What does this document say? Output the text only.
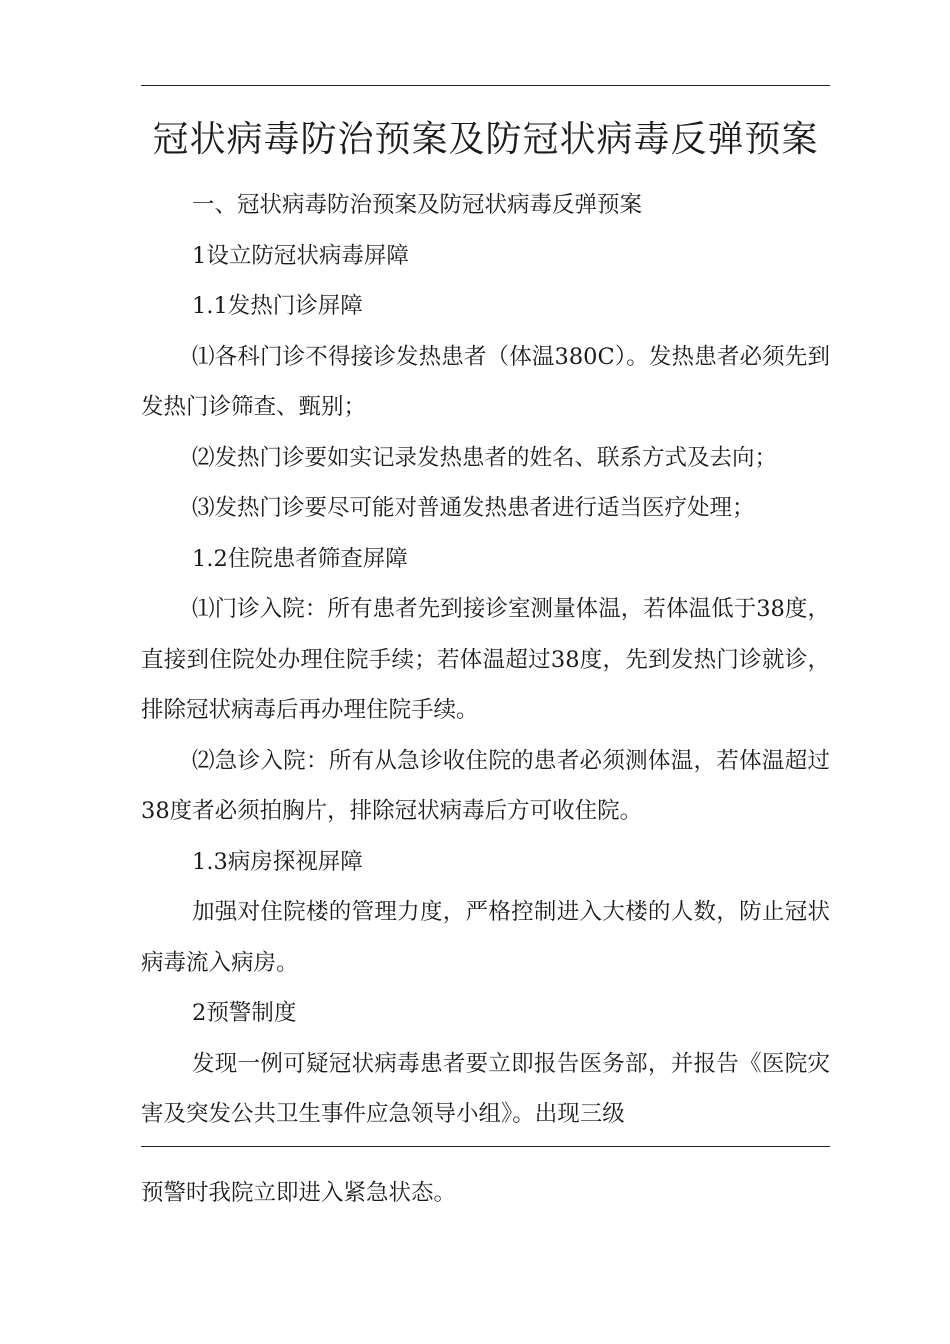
冠状病毒防治预案及防冠状病毒反弹预案

一、冠状病毒防治预案及防冠状病毒反弹预案

1设立防冠状病毒屏障

1.1发热门诊屏障

⑴各科门诊不得接诊发热患者（体温380C）。发热患者必须先到发热门诊筛查、甄别；

⑵发热门诊要如实记录发热患者的姓名、联系方式及去向；

⑶发热门诊要尽可能对普通发热患者进行适当医疗处理；

1.2住院患者筛查屏障

⑴门诊入院：所有患者先到接诊室测量体温，若体温低于38度，直接到住院处办理住院手续；若体温超过38度，先到发热门诊就诊，排除冠状病毒后再办理住院手续。

⑵急诊入院：所有从急诊收住院的患者必须测体温，若体温超过38度者必须拍胸片，排除冠状病毒后方可收住院。

1.3病房探视屏障

加强对住院楼的管理力度，严格控制进入大楼的人数，防止冠状病毒流入病房。

2预警制度

发现一例可疑冠状病毒患者要立即报告医务部，并报告《医院灾害及突发公共卫生事件应急领导小组》。出现三级

预警时我院立即进入紧急状态。
